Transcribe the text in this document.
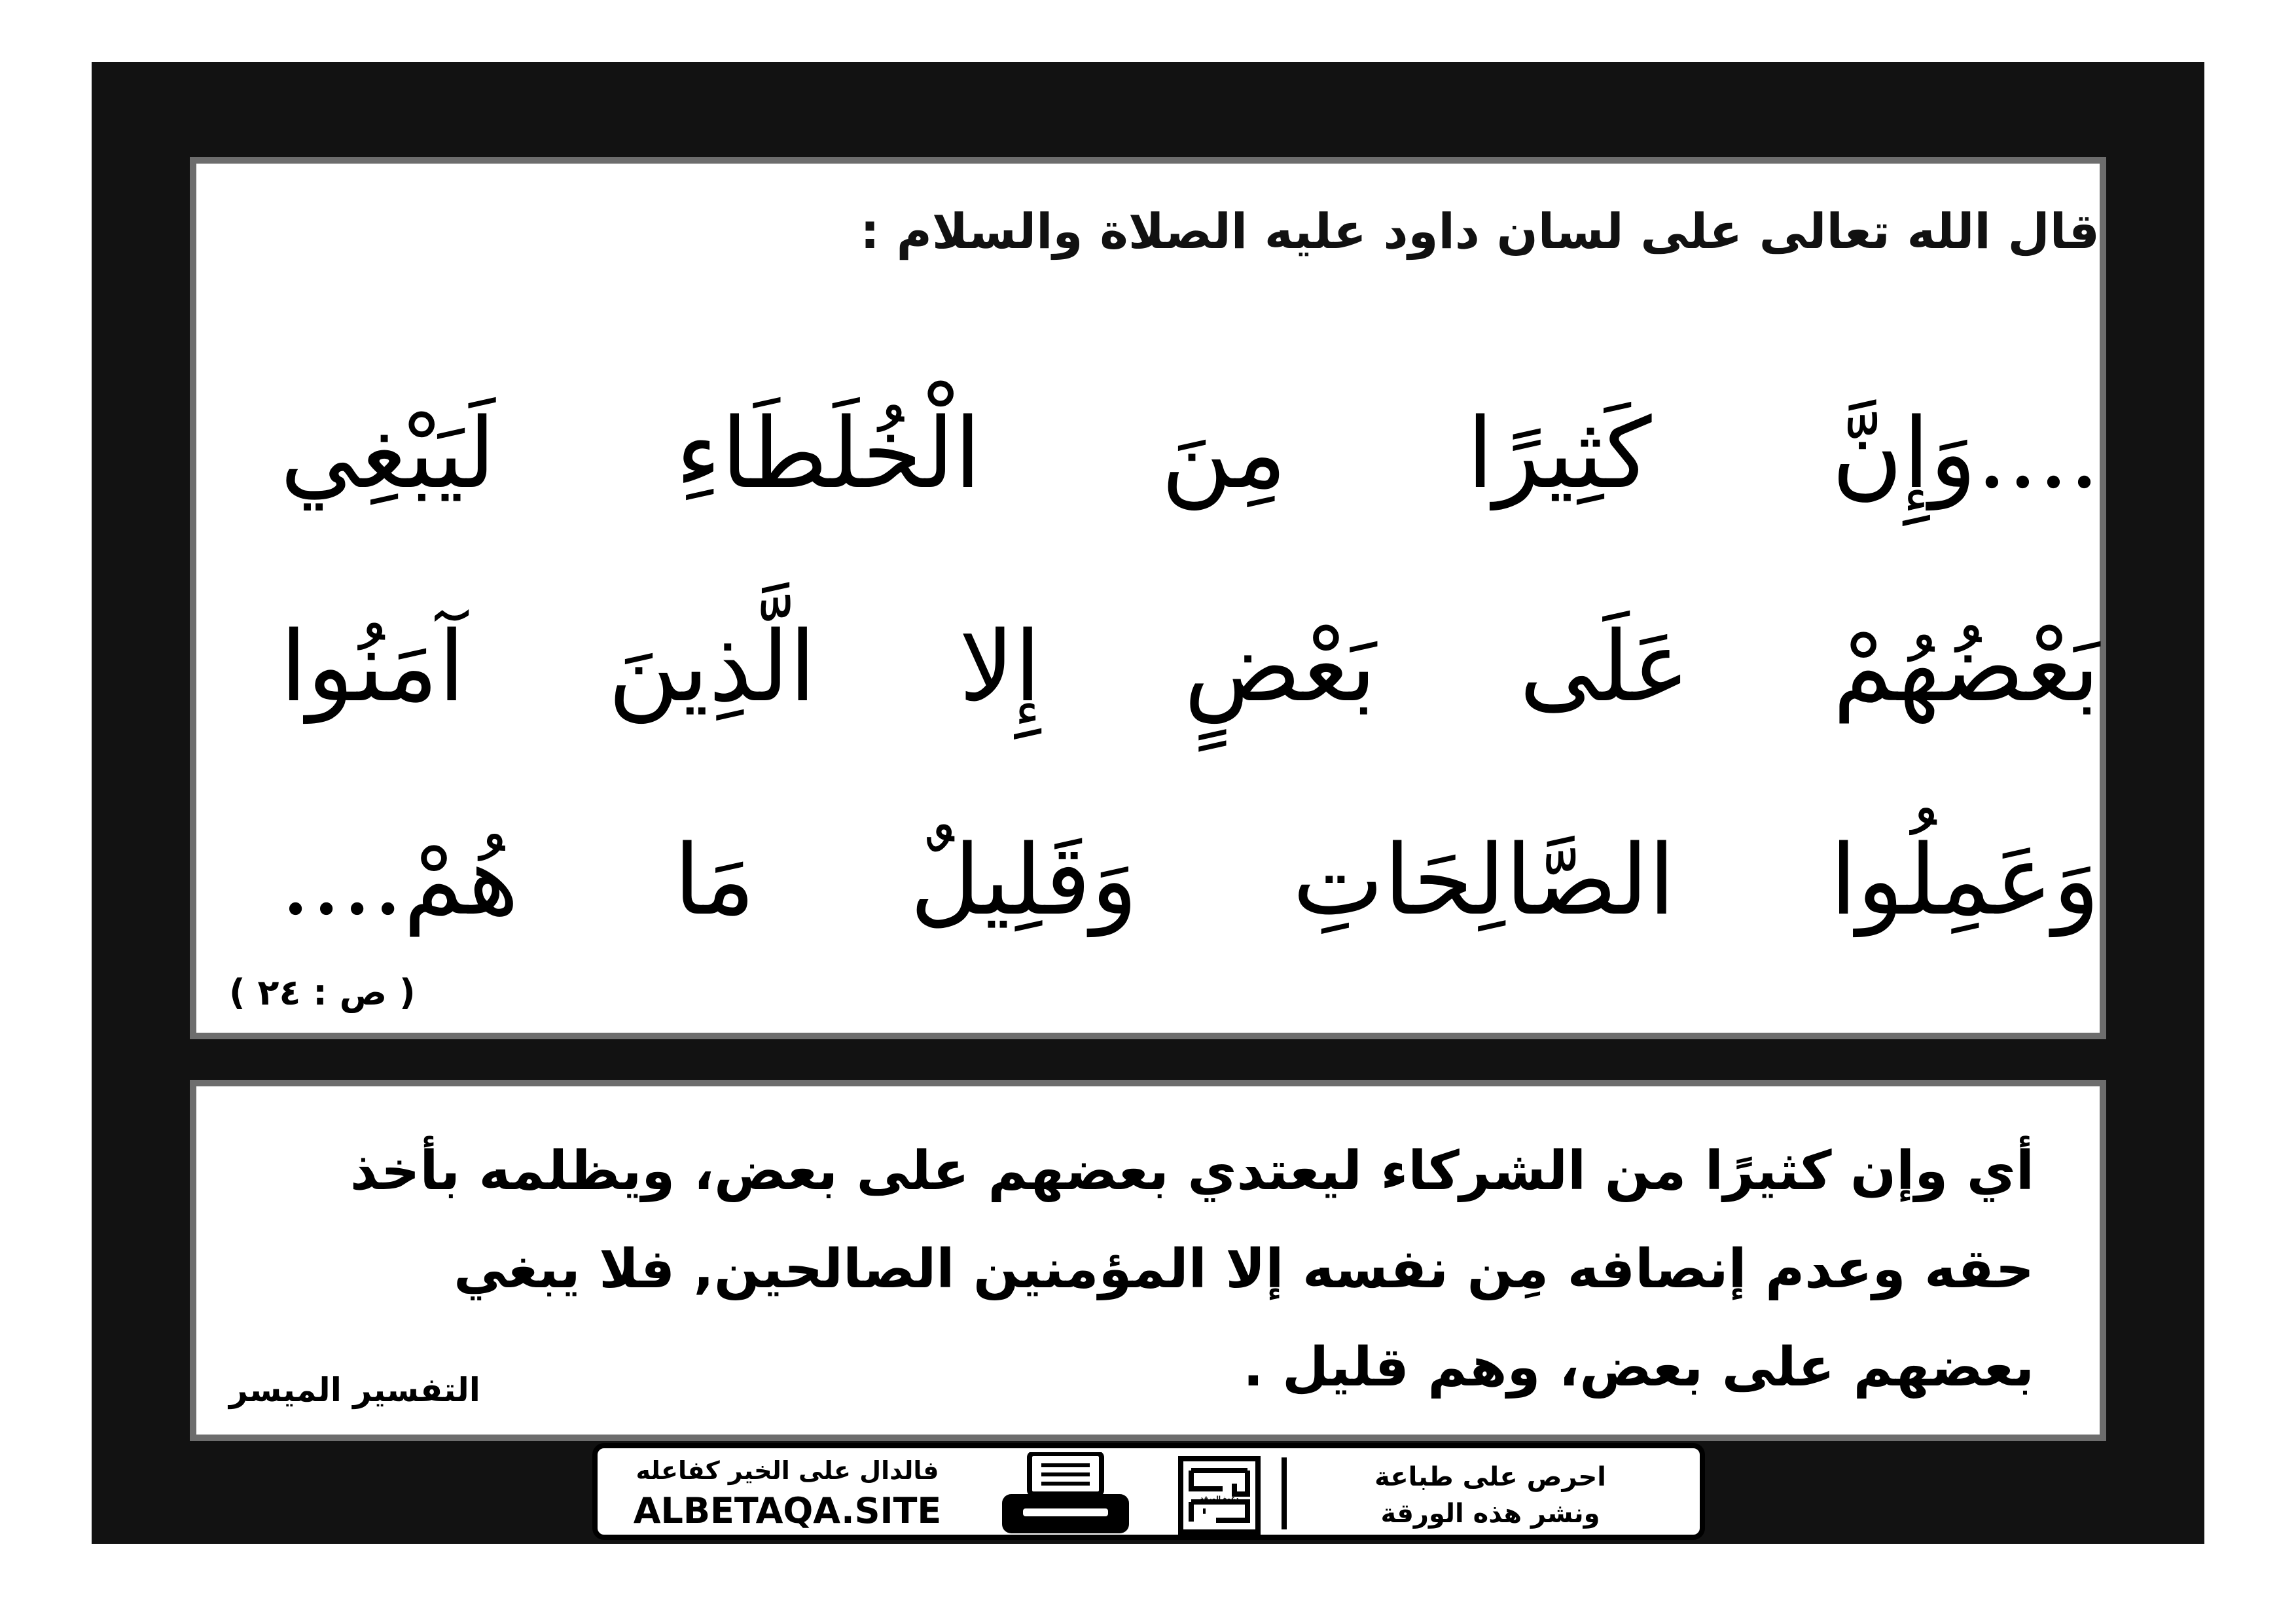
قال الله تعالى على لسان داود عليه الصلاة والسلام :
....وَإِنَّ كَثِيرًا مِنَ الْخُلَطَاءِ لَيَبْغِي
بَعْضُهُمْ عَلَى بَعْضٍ إِلا الَّذِينَ آمَنُوا
وَعَمِلُوا الصَّالِحَاتِ وَقَلِيلٌ مَا هُمْ....
( ص : ٢٤ )
أي وإن كثيرًا من الشركاء ليعتدي بعضهم على بعض، ويظلمه بأخذ
حقه وعدم إنصافه مِن نفسه إلا المؤمنين الصالحين, فلا يبغي
بعضهم على بعض، وهم قليل .
التفسير الميسر
فالدال على الخير كفاعله
ALBETAQA.SITE	دعوة الورقة
احرص على طباعة
ونشر هذه الورقة
